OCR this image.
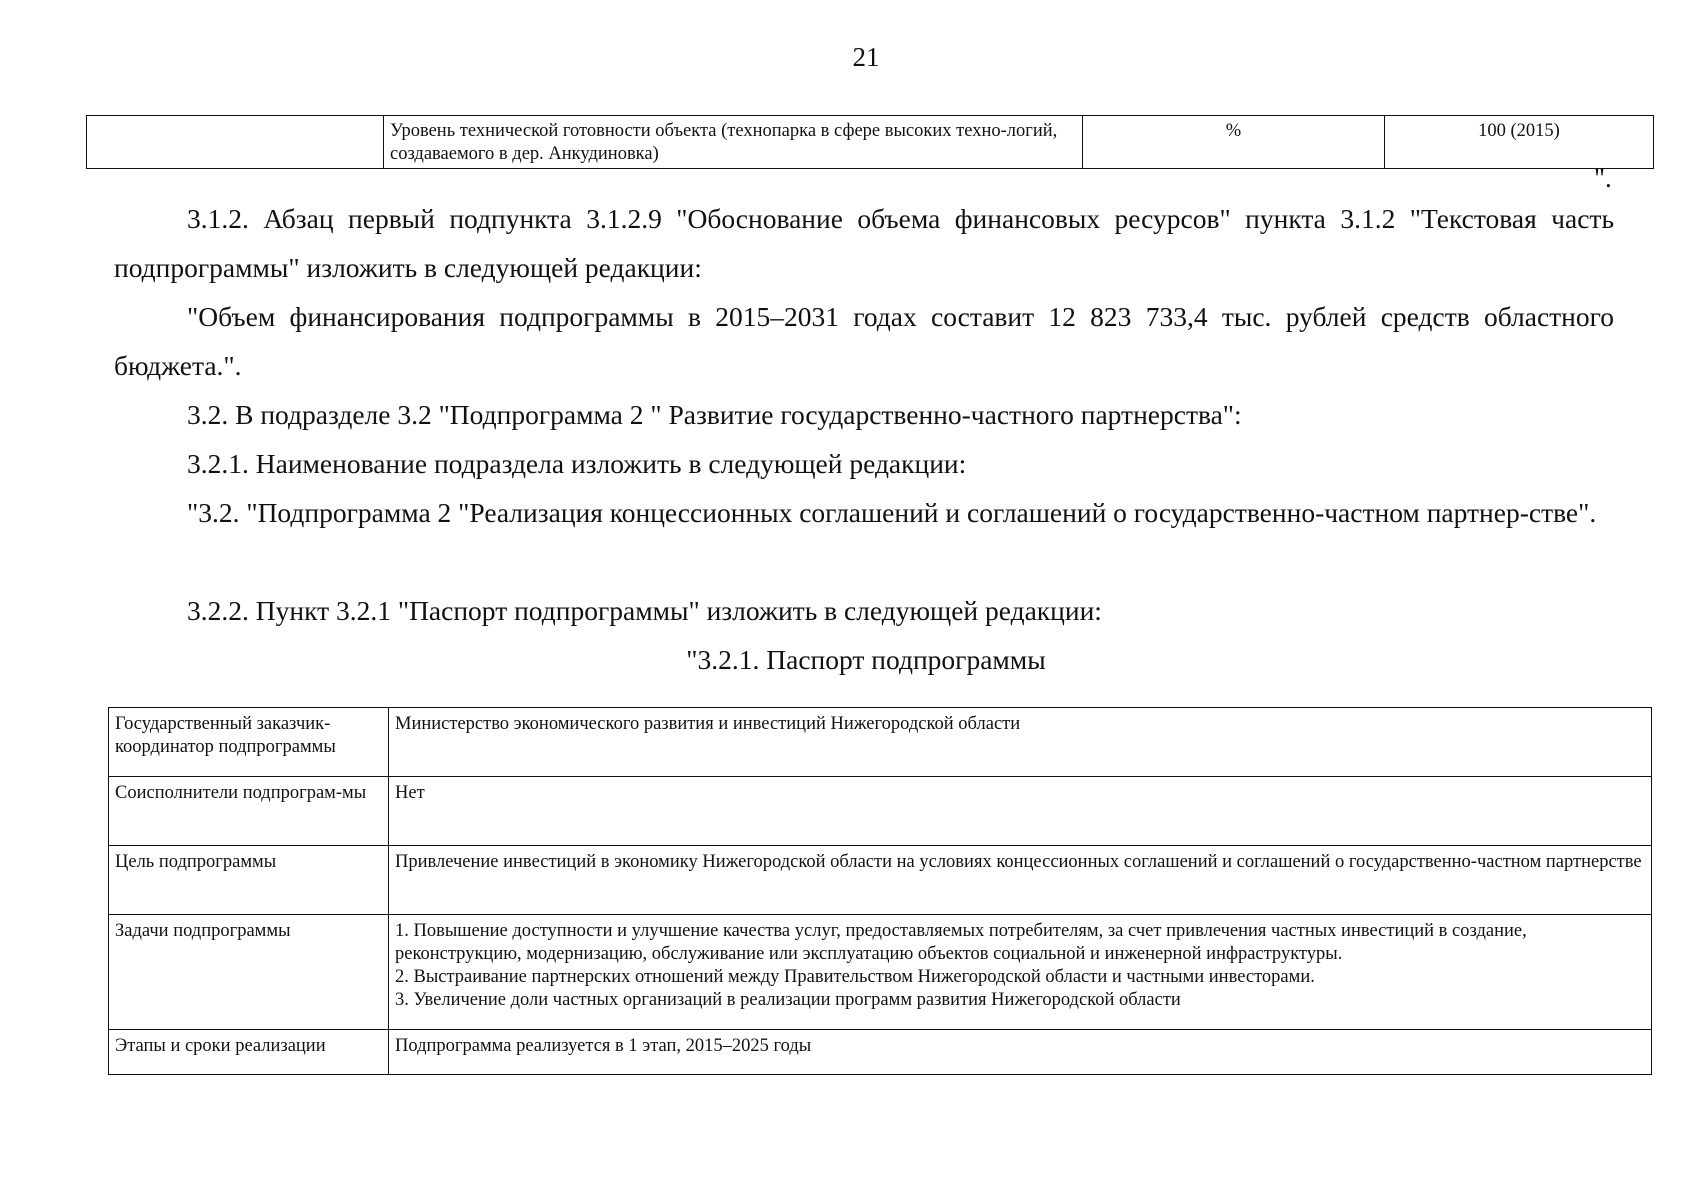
21
	Уровень технической готовности объекта (технопарка в сфере высоких техно-логий, создаваемого в дер. Анкудиновка)	%	100 (2015)
".

3.1.2. Абзац первый подпункта 3.1.2.9 "Обоснование объема финансовых ресурсов" пункта 3.1.2 "Текстовая часть подпрограммы" изложить в следующей редакции:

"Объем финансирования подпрограммы в 2015–2031 годах составит 12 823 733,4 тыс. рублей средств областного бюджета.".

3.2. В подразделе 3.2 "Подпрограмма 2 " Развитие государственно-частного партнерства":

3.2.1. Наименование подраздела изложить в следующей редакции:

"3.2. "Подпрограмма 2 "Реализация концессионных соглашений и соглашений о государственно-частном партнер-стве".

3.2.2. Пункт 3.2.1 "Паспорт подпрограммы" изложить в следующей редакции:

"3.2.1. Паспорт подпрограммы
Государственный заказчик-координатор подпрограммы	Министерство экономического развития и инвестиций Нижегородской области
Соисполнители подпрограм-мы	Нет
Цель подпрограммы	Привлечение инвестиций в экономику Нижегородской области на условиях концессионных соглашений и соглашений о государственно-частном партнерстве
Задачи подпрограммы	1. Повышение доступности и улучшение качества услуг, предоставляемых потребителям, за счет привлечения частных инвестиций в создание, реконструкцию, модернизацию, обслуживание или эксплуатацию объектов социальной и инженерной инфраструктуры.
2. Выстраивание партнерских отношений между Правительством Нижегородской области и частными инвесторами.
3. Увеличение доли частных организаций в реализации программ развития Нижегородской области

Этапы и сроки реализации	Подпрограмма реализуется в 1 этап, 2015–2025 годы
